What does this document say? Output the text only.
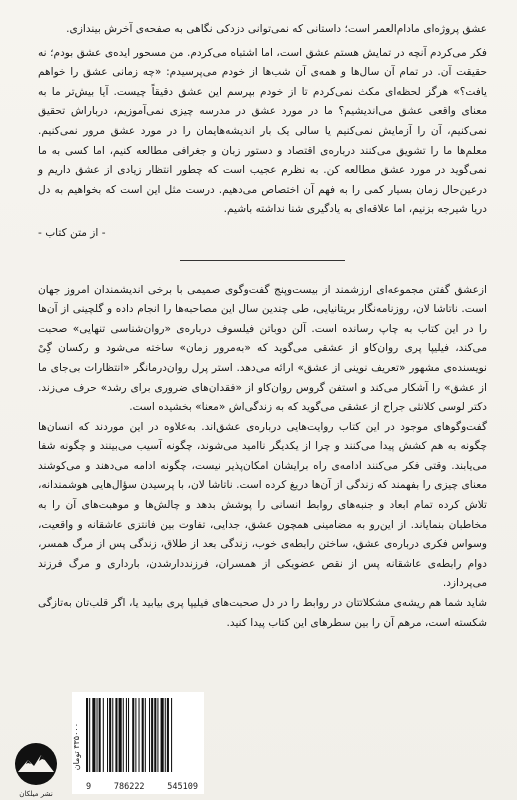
عشق پروژه‌ای مادام‌العمر است؛ داستانی که نمی‌توانی دزدکی نگاهی به صفحه‌ی آخرش بیندازی.

فکر می‌کردم آنچه در تمایش هستم عشق است، اما اشتباه می‌کردم. من مسحور ایده‌ی عشق بودم؛ نه حقیقت آن. در تمام آن سال‌ها و همه‌ی آن شب‌ها از خودم می‌پرسیدم: «چه زمانی عشق را خواهم یافت؟» هرگز لحظه‌ای مکث نمی‌کردم تا از خودم بپرسم این عشق دقیقاً چیست. آیا بیش‌تر ما به معنای واقعی عشق می‌اندیشیم؟ ما در مورد عشق در مدرسه چیزی نمی‌آموزیم، دربار‌اش تحقیق نمی‌کنیم، آن را آزمایش نمی‌کنیم یا سالی یک بار اندیشه‌هایمان را در مورد عشق مرور نمی‌کنیم. معلم‌ها ما را تشویق می‌کنند درباره‌ی اقتصاد و دستور زبان و جغرافی مطالعه کنیم، اما کسی به ما نمی‌گوید در مورد عشق مطالعه کن. به نظرم عجیب است که چطور انتظار زیادی از عشق داریم و درعین‌حال زمان بسیار کمی را به فهم آن اختصاص می‌دهیم. درست مثل این است که بخواهیم به دل دریا شیرجه بزنیم، اما علاقه‌ای به یادگیری شنا نداشته باشیم.

- از متن کتاب -

ازعشق گفتن مجموعه‌ای ارزشمند از بیست‌وپنج گفت‌وگوی صمیمی با برخی اندیشمندان امروز جهان است. ناتاشا لان، روزنامه‌نگار بریتانیایی، طی چندین سال این مصاحبه‌ها را انجام داده و گلچینی از آن‌ها را در این کتاب به چاپ رسانده است. آلن دوباتن فیلسوف درباره‌ی «روان‌شناسی تنهایی» صحبت می‌کند، فیلیپا پری روان‌کاو از عشقی می‌گوید که «به‌مرور زمان» ساخته می‌شود و رکسان گِیْ نویسنده‌ی مشهور «تعریف نوینی از عشق» ارائه می‌دهد. استر پرل روان‌درمانگر «انتظارات بی‌جای ما از عشق» را آشکار می‌کند و استفن گروس روان‌کاو از «فقدان‌های ضروری برای رشد» حرف می‌زند. دکتر لوسی کلانثی جراح از عشقی می‌گوید که به زندگی‌اش «معنا» بخشیده است.

گفت‌وگوهای موجود در این کتاب روایت‌هایی درباره‌ی عشق‌اند. به‌علاوه در این موردند که انسان‌ها چگونه به هم کشش پیدا می‌کنند و چرا از یکدیگر ناامید می‌شوند، چگونه آسیب می‌بینند و چگونه شفا می‌یابند. وقتی فکر می‌کنند ادامه‌ی راه برایشان امکان‌پذیر نیست، چگونه ادامه می‌دهند و می‌کوشند معنای چیزی را بفهمند که زندگی از آن‌ها دریغ کرده است. ناتاشا لان، با پرسیدن سؤال‌هایی هوشمندانه، تلاش کرده تمام ابعاد و جنبه‌های روابط انسانی را پوشش بدهد و چالش‌ها و موهبت‌های آن را به مخاطبان بنمایاند. از این‌رو به مضامینی همچون عشق، جدایی، تفاوت بین فانتزی عاشقانه و واقعیت، وسواس فکری درباره‌ی عشق، ساختن رابطه‌ی خوب، زندگی بعد از طلاق، زندگی پس از مرگ همسر، دوام رابطه‌ی عاشقانه پس از نقص عضویکی از همسران، فرزنددارشدن، بارداری و مرگ فرزند می‌پردازد.

شاید شما هم ریشه‌ی مشکلاتتان در روابط را در دل صحبت‌های فیلیپا پری بیابید یا، اگر قلب‌تان به‌تازگی شکسته است، مرهم آن را بین سطرهای این کتاب پیدا کنید.

نشر میلکان
۳۳۵۰۰۰ تومان
9	786222	545109
